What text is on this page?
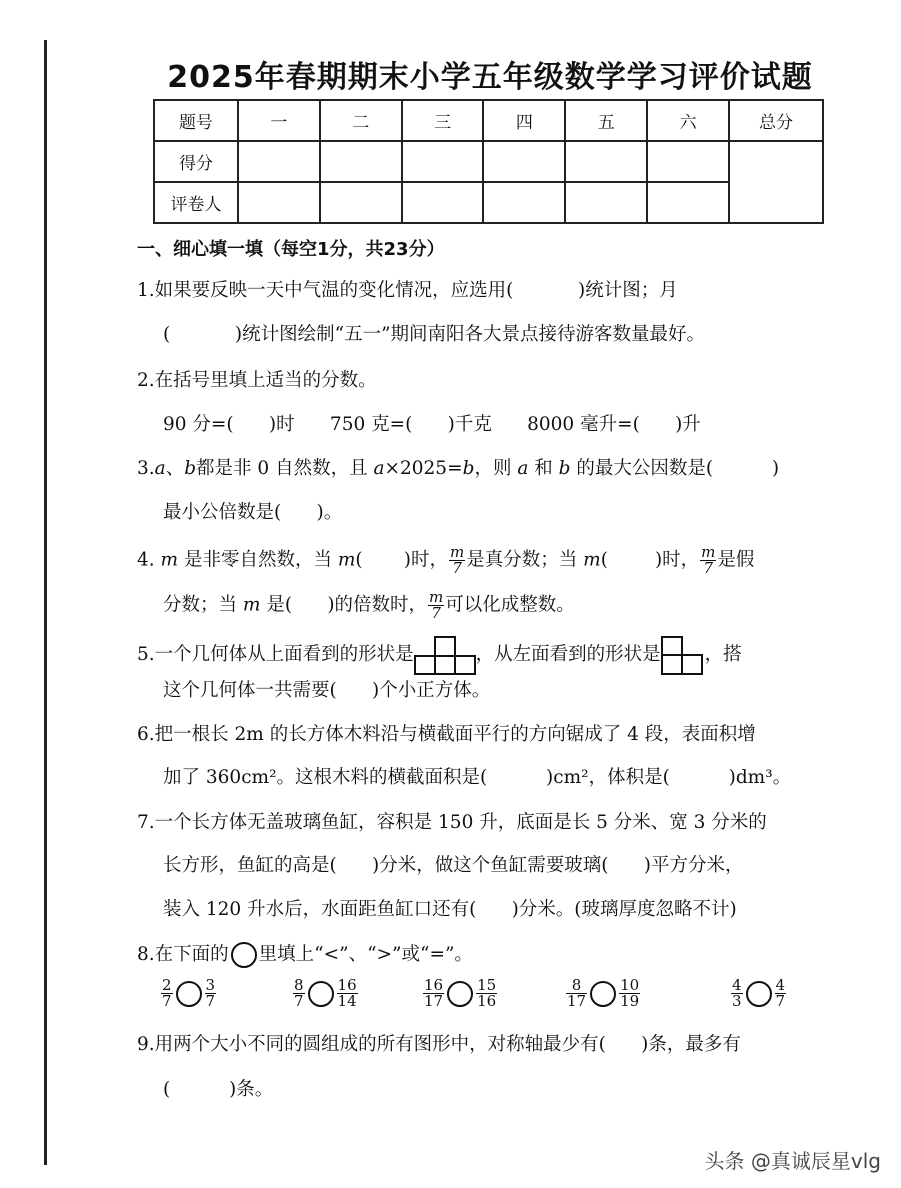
2025年春期期末小学五年级数学学习评价试题
题号	一	二	三	四	五	六	总分
得分							
评卷人							
一、细心填一填（每空1分，共23分）
1.如果要反映一天中气温的变化情况，应选用(           )统计图；月
(           )统计图绘制“五一”期间南阳各大景点接待游客数量最好。
2.在括号里填上适当的分数。
90 分=(      )时      750 克=(      )千克      8000 毫升=(      )升
3.a、b都是非 0 自然数，且 a×2025=b，则 a 和 b 的最大公因数是(          )
最小公倍数是(      )。
4. m 是非零自然数，当 m(       )时， $\frac{m}{7}$ 是真分数；当 m(        )时， $\frac{m}{7}$ 是假
分数；当 m 是(      )的倍数时， $\frac{m}{7}$ 可以化成整数。
5.一个几何体从上面看到的形状是	，从左面看到的形状是 ，搭
这个几何体一共需要(      )个小正方体。
6.把一根长 2m 的长方体木料沿与横截面平行的方向锯成了 4 段，表面积增
加了 360cm²。这根木料的横截面积是(          )cm²，体积是(          )dm³。
7.一个长方体无盖玻璃鱼缸，容积是 150 升，底面是长 5 分米、宽 3 分米的
长方形，鱼缸的高是(      )分米，做这个鱼缸需要玻璃(      )平方分米，
装入 120 升水后，水面距鱼缸口还有(      )分米。(玻璃厚度忽略不计)
8.在下面的 里填上“<”、“>”或“=”。
$\frac{2}{7} \frac{3}{7}$	$\frac{8}{7} \frac{16}{14}$	$\frac{16}{17} \frac{15}{16}$	$\frac{8}{17} \frac{10}{19}$	$\frac{4}{3} \frac{4}{7}$
9.用两个大小不同的圆组成的所有图形中，对称轴最少有(      )条，最多有
(          )条。
头条 @真诚辰星vlg
